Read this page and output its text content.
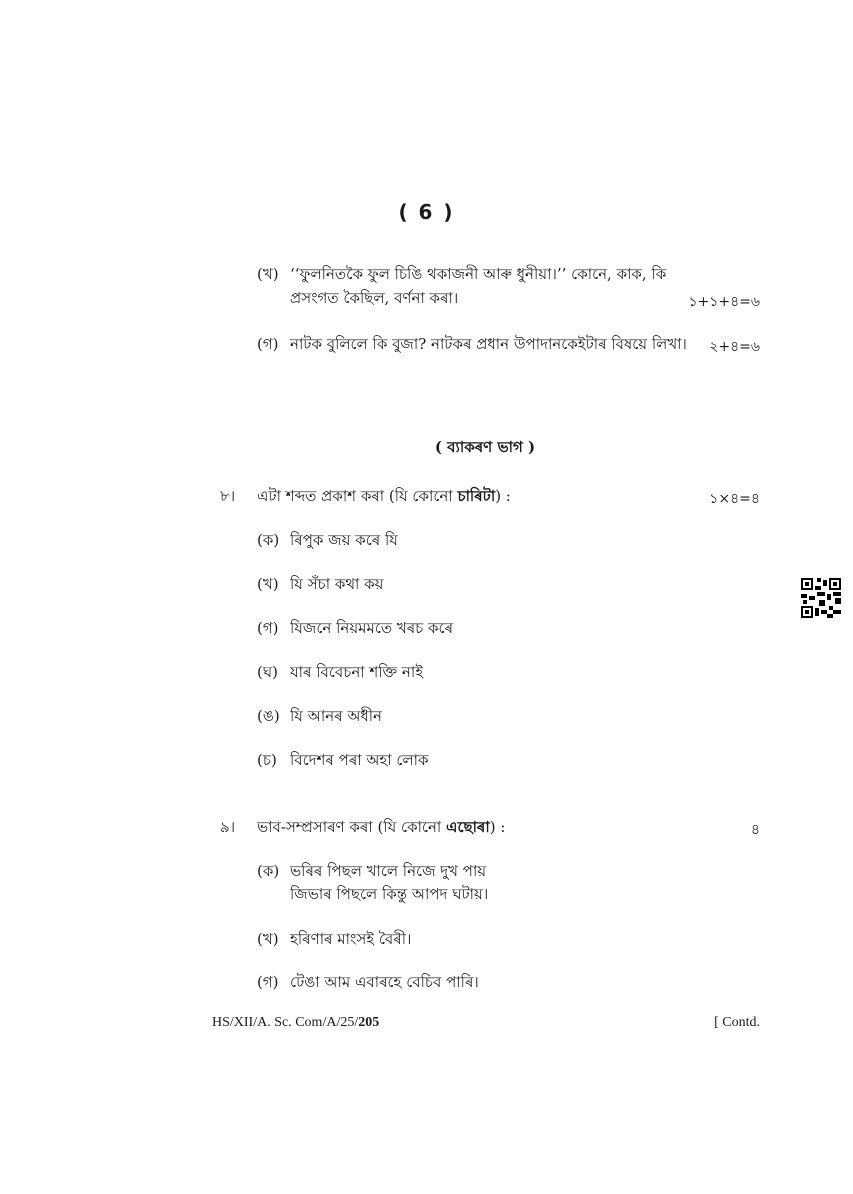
( 6 )
(খ) ‘‘ফুলনিতকৈ ফুল চিঙি থকাজনী আৰু ধুনীয়া।’’ কোনে, কাক, কি
প্ৰসংগত কৈছিল, বৰ্ণনা কৰা।	১+১+৪=৬
(গ) নাটক বুলিলে কি বুজা? নাটকৰ প্ৰধান উপাদানকেইটাৰ বিষয়ে লিখা। ২+৪=৬
( ব্যাকৰণ ভাগ )
৮। এটা শব্দত প্ৰকাশ কৰা (যি কোনো চাৰিটা) :	১×৪=৪
(ক) ৰিপুক জয় কৰে যি
(খ) যি সঁচা কথা কয়
(গ) যিজনে নিয়মমতে খৰচ কৰে
(ঘ) যাৰ বিবেচনা শক্তি নাই
(ঙ) যি আনৰ অধীন
(চ) বিদেশৰ পৰা অহা লোক
৯। ভাব-সম্প্ৰসাৰণ কৰা (যি কোনো এছোৰা) :	৪
(ক) ভৰিৰ পিছল খালে নিজে দুখ পায়
জিভাৰ পিছলে কিন্তু আপদ ঘটায়।
(খ) হৰিণাৰ মাংসই বৈৰী।
(গ) টেঙা আম এবাৰহে বেচিব পাৰি।
HS/XII/A. Sc. Com/A/25/205	[ Contd.
